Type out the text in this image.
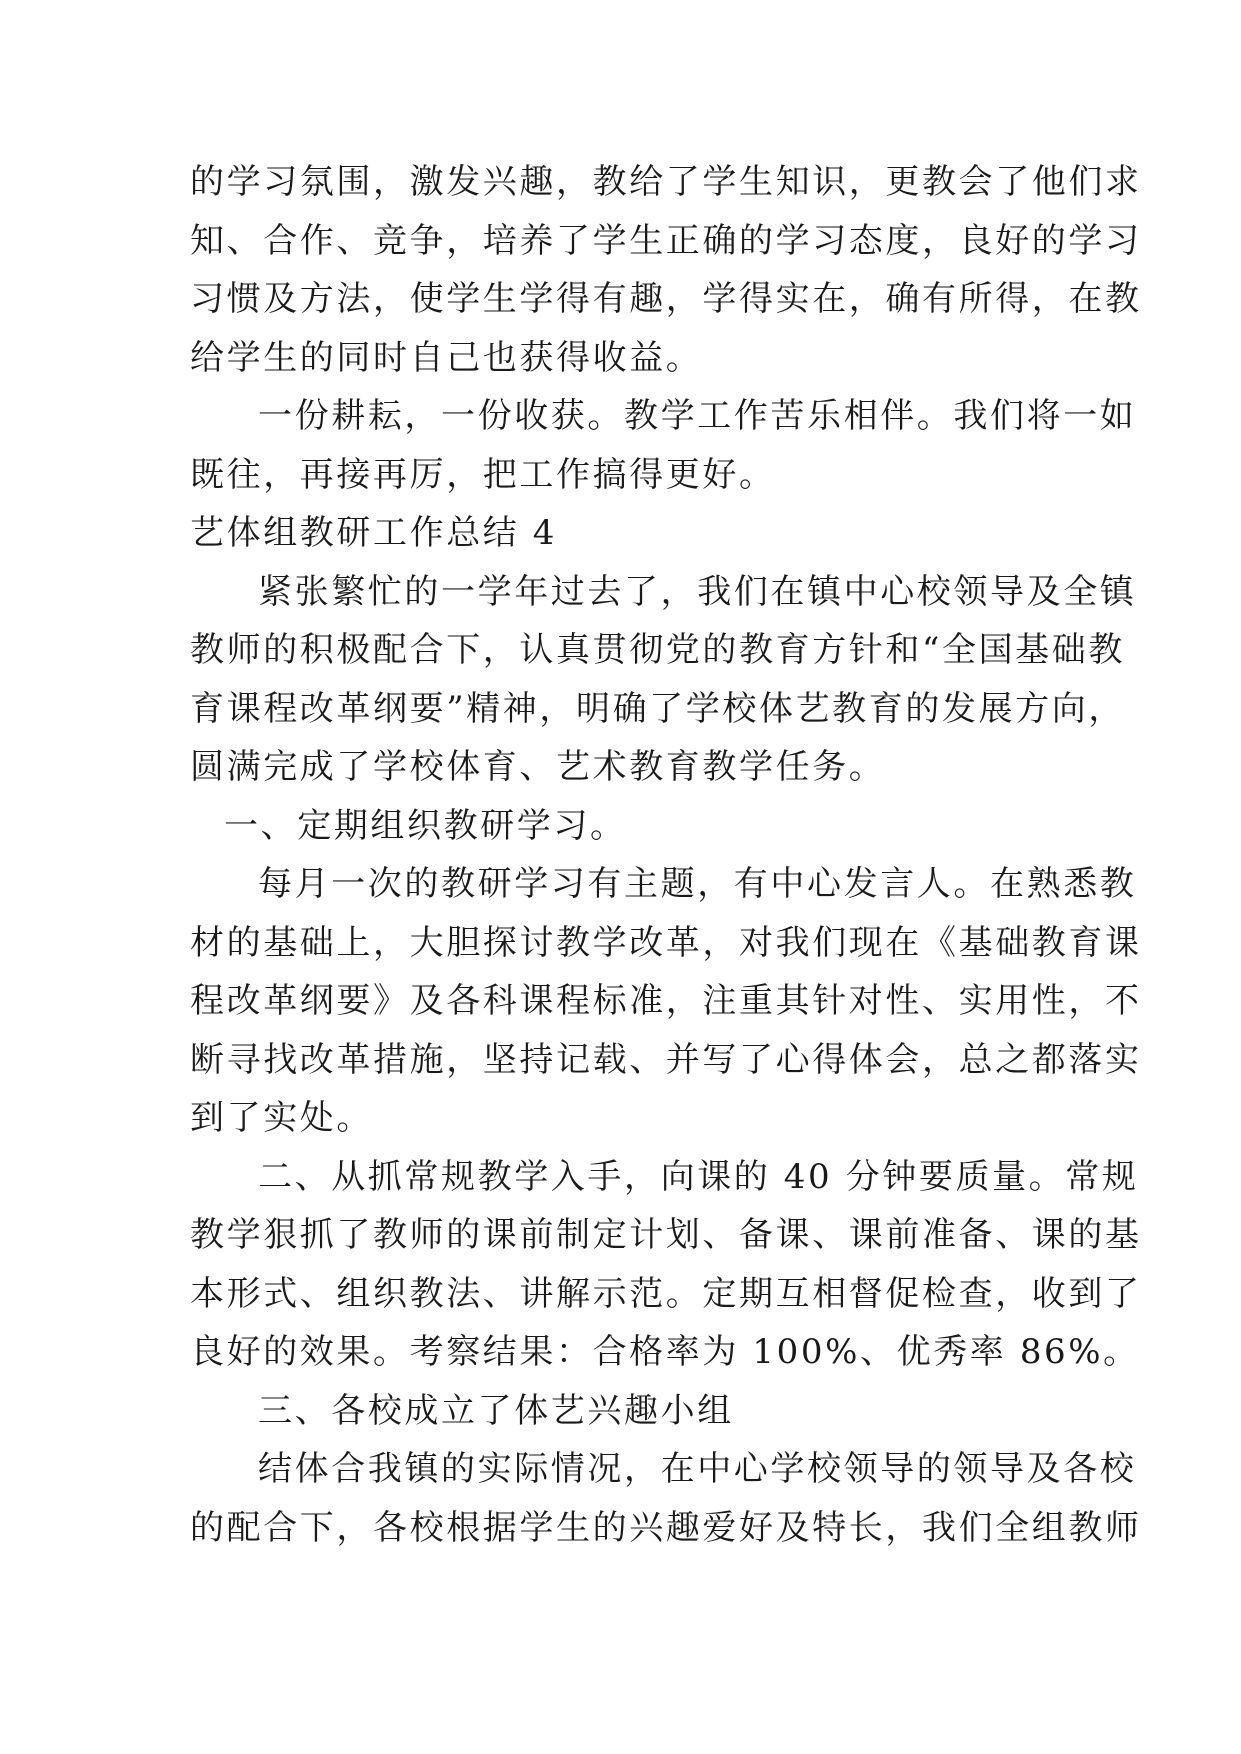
的学习氛围，激发兴趣，教给了学生知识，更教会了他们求
知、合作、竞争，培养了学生正确的学习态度，良好的学习
习惯及方法，使学生学得有趣，学得实在，确有所得，在教
给学生的同时自己也获得收益。
一份耕耘，一份收获。教学工作苦乐相伴。我们将一如
既往，再接再厉，把工作搞得更好。
艺体组教研工作总结 4
紧张繁忙的一学年过去了，我们在镇中心校领导及全镇
教师的积极配合下，认真贯彻党的教育方针和“全国基础教
育课程改革纲要”精神，明确了学校体艺教育的发展方向，
圆满完成了学校体育、艺术教育教学任务。
一、定期组织教研学习。
每月一次的教研学习有主题，有中心发言人。在熟悉教
材的基础上，大胆探讨教学改革，对我们现在《基础教育课
程改革纲要》及各科课程标准，注重其针对性、实用性，不
断寻找改革措施，坚持记载、并写了心得体会，总之都落实
到了实处。
二、从抓常规教学入手，向课的 40 分钟要质量。常规
教学狠抓了教师的课前制定计划、备课、课前准备、课的基
本形式、组织教法、讲解示范。定期互相督促检查，收到了
良好的效果。考察结果：合格率为 100%、优秀率 86%。
三、各校成立了体艺兴趣小组
结体合我镇的实际情况，在中心学校领导的领导及各校
的配合下，各校根据学生的兴趣爱好及特长，我们全组教师
